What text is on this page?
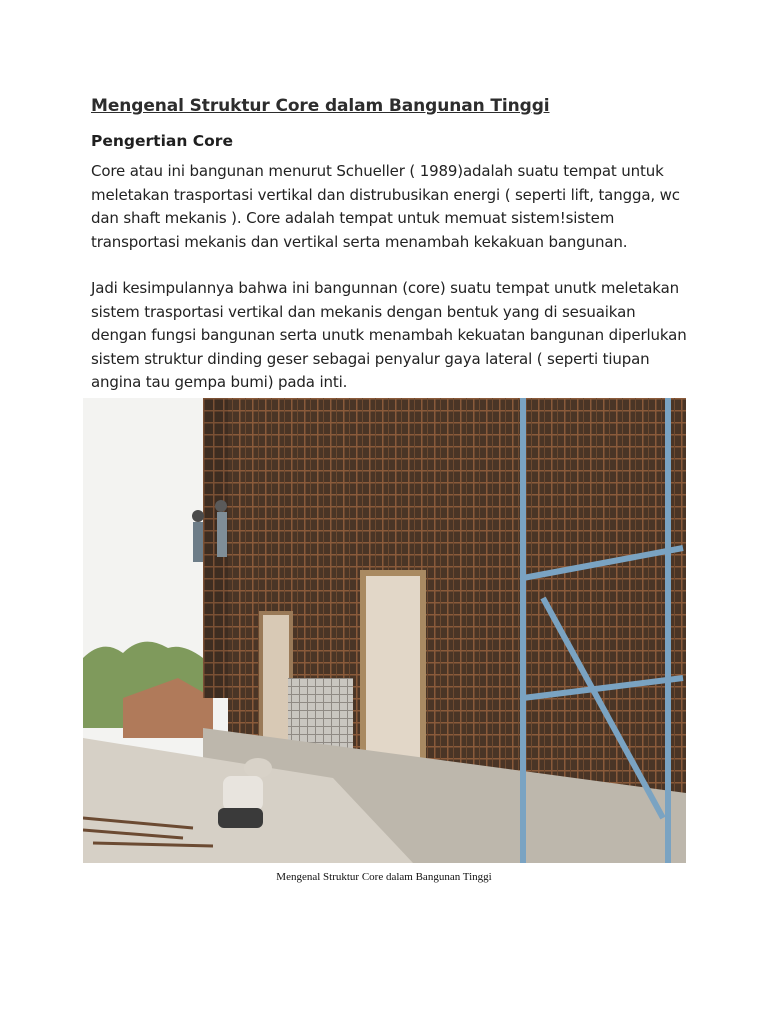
Mengenal Struktur Core dalam Bangunan Tinggi
Pengertian Core

Core atau ini bangunan menurut Schueller ( 1989)adalah suatu tempat untuk meletakan trasportasi vertikal dan distrubusikan energi ( seperti lift, tangga, wc dan shaft mekanis ). Core adalah tempat untuk memuat sistem!sistem transportasi mekanis dan vertikal serta menambah kekakuan bangunan.

Jadi kesimpulannya bahwa ini bangunnan (core) suatu tempat unutk meletakan sistem trasportasi vertikal dan mekanis dengan bentuk yang di sesuaikan dengan fungsi bangunan serta unutk menambah kekuatan bangunan diperlukan sistem struktur dinding geser sebagai penyalur gaya lateral ( seperti tiupan angina tau gempa bumi) pada inti.

Mengenal Struktur Core dalam Bangunan Tinggi
